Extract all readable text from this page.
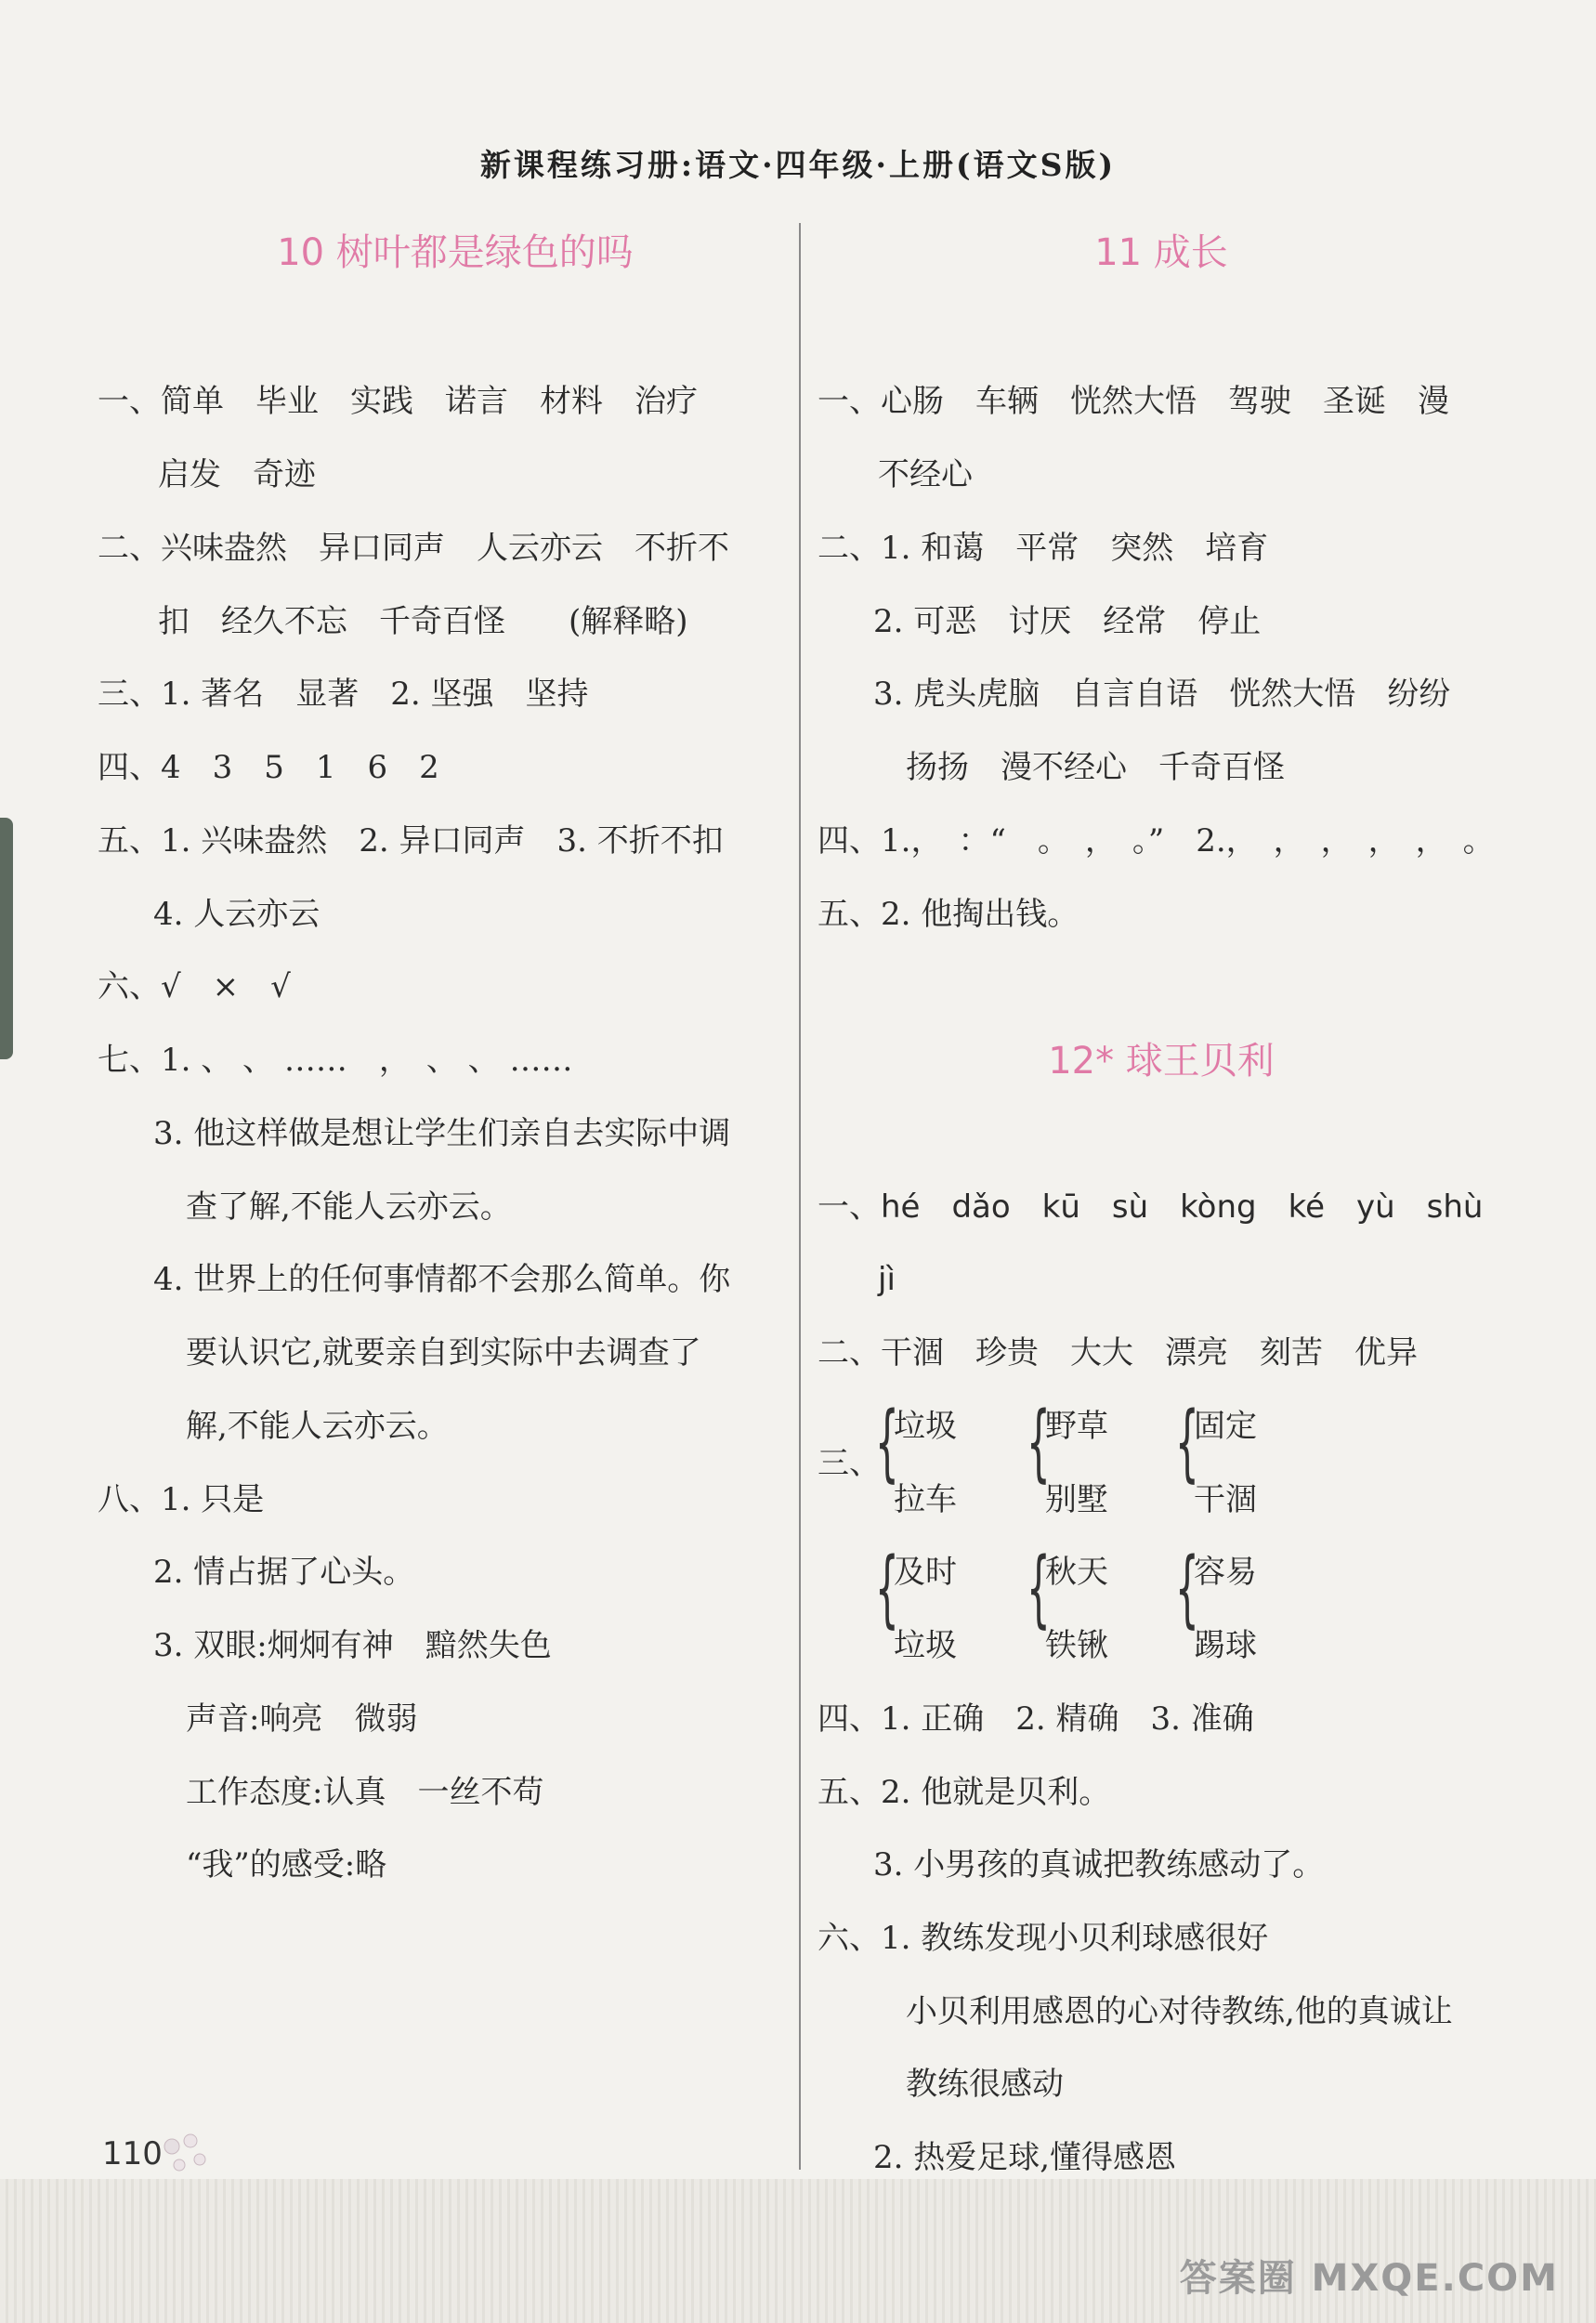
新课程练习册:语文·四年级·上册(语文S版)
10 树叶都是绿色的吗
一、简单　毕业　实践　诺言　材料　治疗
启发　奇迹
二、兴味盎然　异口同声　人云亦云　不折不
扣　经久不忘　千奇百怪　　(解释略)
三、1. 著名　显著　2. 坚强　坚持
四、4　3　5　1　6　2
五、1. 兴味盎然　2. 异口同声　3. 不折不扣
4. 人云亦云
六、√　×　√
七、1. 、 、 ……　，　、 、 ……
3. 他这样做是想让学生们亲自去实际中调
查了解,不能人云亦云。
4. 世界上的任何事情都不会那么简单。你
要认识它,就要亲自到实际中去调查了
解,不能人云亦云。
八、1. 只是
2. 情占据了心头。
3. 双眼:炯炯有神　黯然失色
声音:响亮　微弱
工作态度:认真　一丝不苟
“我”的感受:略
11 成长
一、心肠　车辆　恍然大悟　驾驶　圣诞　漫
不经心
二、1. 和蔼　平常　突然　培育
2. 可恶　讨厌　经常　停止
3. 虎头虎脑　自言自语　恍然大悟　纷纷
扬扬　漫不经心　千奇百怪
四、1.，　：“　。　，　。”　2.，　，　，　，　，　。
五、2. 他掏出钱。
12* 球王贝利
一、hé　dǎo　kū　sù　kòng　ké　yù　shù
jì
二、干涸　珍贵　大大　漂亮　刻苦　优异
三、
{
垃圾
拉车
{
野草
别墅
{
固定
干涸
{
及时
垃圾
{
秋天
铁锹
{
容易
踢球
四、1. 正确　2. 精确　3. 准确
五、2. 他就是贝利。
3. 小男孩的真诚把教练感动了。
六、1. 教练发现小贝利球感很好
小贝利用感恩的心对待教练,他的真诚让
教练很感动
2. 热爱足球,懂得感恩
110
答案圈 MXQE.COM
